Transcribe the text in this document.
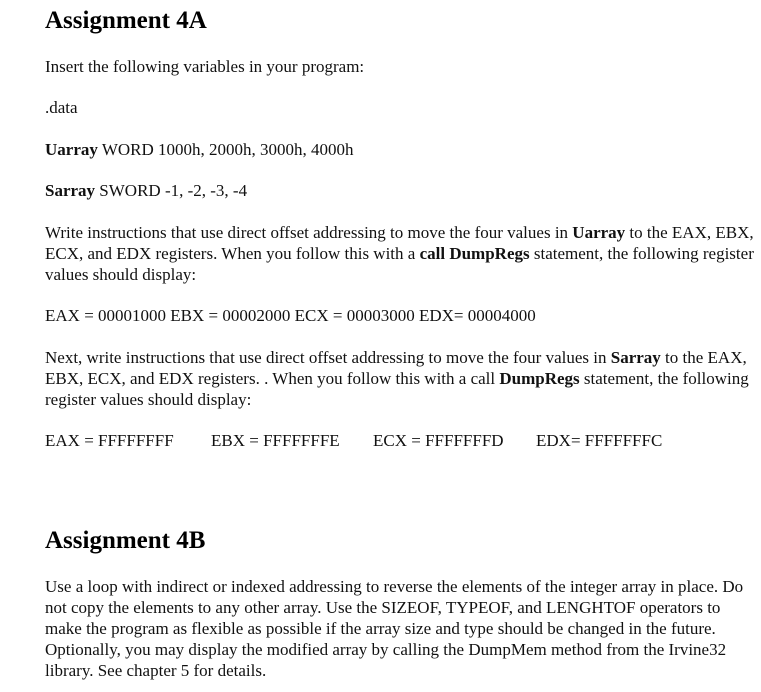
Assignment 4A

Insert the following variables in your program:

.data

Uarray WORD 1000h, 2000h, 3000h, 4000h

Sarray SWORD -1, -2, -3, -4

Write instructions that use direct offset addressing to move the four values in Uarray to the EAX, EBX, ECX, and EDX registers. When you follow this with a call DumpRegs statement, the following register values should display:

EAX = 00001000 EBX = 00002000 ECX = 00003000 EDX= 00004000

Next, write instructions that use direct offset addressing to move the four values in Sarray to the EAX, EBX, ECX, and EDX registers. . When you follow this with a call DumpRegs statement, the following register values should display:

EAX = FFFFFFFF EBX = FFFFFFFE ECX = FFFFFFFD EDX= FFFFFFFC

Assignment 4B

Use a loop with indirect or indexed addressing to reverse the elements of the integer array in place. Do not copy the elements to any other array. Use the SIZEOF, TYPEOF, and LENGHTOF operators to make the program as flexible as possible if the array size and type should be changed in the future. Optionally, you may display the modified array by calling the DumpMem method from the Irvine32 library. See chapter 5 for details.
